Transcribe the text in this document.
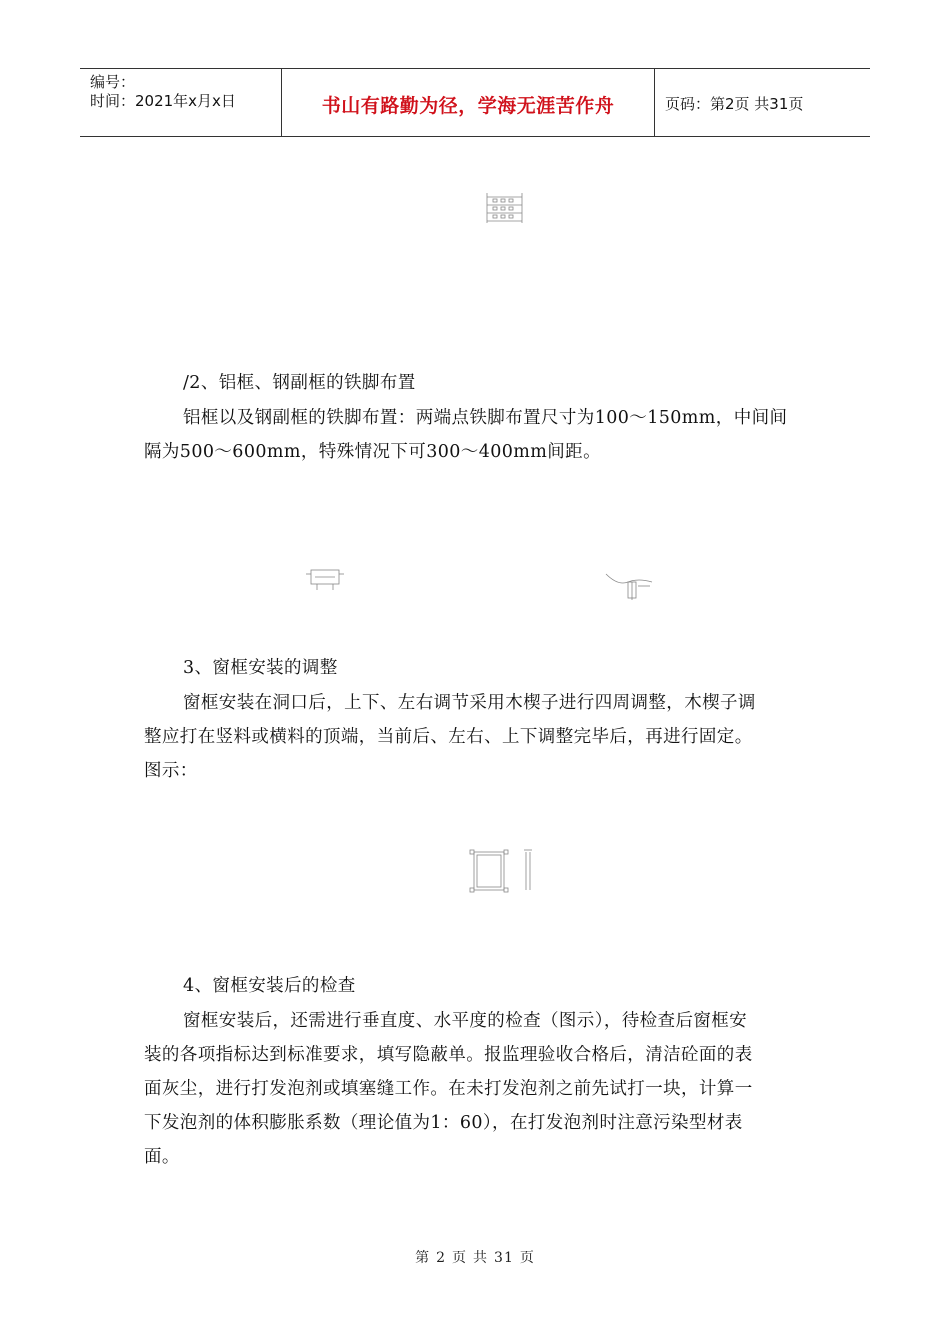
编号：
时间：2021年x月x日	书山有路勤为径，学海无涯苦作舟	页码：第2页 共31页
/2、铝框、钢副框的铁脚布置
铝框以及钢副框的铁脚布置：两端点铁脚布置尺寸为100～150mm，中间间
隔为500～600mm，特殊情况下可300～400mm间距。
3、窗框安装的调整
窗框安装在洞口后，上下、左右调节采用木楔子进行四周调整，木楔子调
整应打在竖料或横料的顶端，当前后、左右、上下调整完毕后，再进行固定。
图示：
4、窗框安装后的检查
窗框安装后，还需进行垂直度、水平度的检查（图示），待检查后窗框安
装的各项指标达到标准要求，填写隐蔽单。报监理验收合格后，清洁砼面的表
面灰尘，进行打发泡剂或填塞缝工作。在未打发泡剂之前先试打一块，计算一
下发泡剂的体积膨胀系数（理论值为1：60），在打发泡剂时注意污染型材表
面。
第 2 页 共 31 页
